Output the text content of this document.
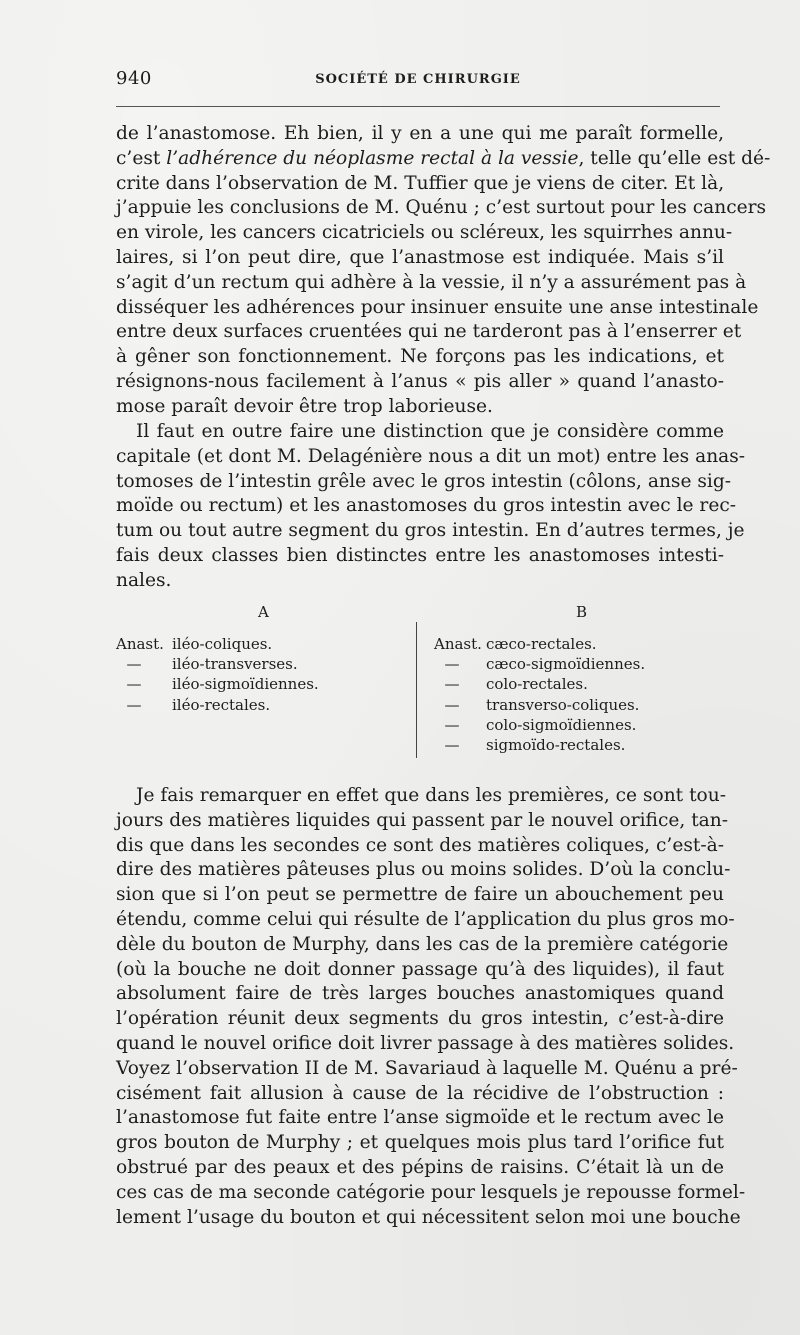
940	SOCIÉTÉ DE CHIRURGIE
de l’anastomose. Eh bien, il y en a une qui me paraît formelle,
c’est l’adhérence du néoplasme rectal à la vessie, telle qu’elle est dé-
crite dans l’observation de M. Tuffier que je viens de citer. Et là,
j’appuie les conclusions de M. Quénu ; c’est surtout pour les cancers
en virole, les cancers cicatriciels ou scléreux, les squirrhes annu-
laires, si l’on peut dire, que l’anastmose est indiquée. Mais s’il
s’agit d’un rectum qui adhère à la vessie, il n’y a assurément pas à
disséquer les adhérences pour insinuer ensuite une anse intestinale
entre deux surfaces cruentées qui ne tarderont pas à l’enserrer et
à gêner son fonctionnement. Ne forçons pas les indications, et
résignons-nous facilement à l’anus « pis aller » quand l’anasto-
mose paraît devoir être trop laborieuse.
Il faut en outre faire une distinction que je considère comme
capitale (et dont M. Delagénière nous a dit un mot) entre les anas-
tomoses de l’intestin grêle avec le gros intestin (côlons, anse sig-
moïde ou rectum) et les anastomoses du gros intestin avec le rec-
tum ou tout autre segment du gros intestin. En d’autres termes, je
fais deux classes bien distinctes entre les anastomoses intesti-
nales.
A	B
Anast. iléo-coliques.
— iléo-transverses.
— iléo-sigmoïdiennes.
— iléo-rectales.
Anast. cæco-rectales.
— cæco-sigmoïdiennes.
— colo-rectales.
— transverso-coliques.
— colo-sigmoïdiennes.
— sigmoïdo-rectales.
Je fais remarquer en effet que dans les premières, ce sont tou-
jours des matières liquides qui passent par le nouvel orifice, tan-
dis que dans les secondes ce sont des matières coliques, c’est-à-
dire des matières pâteuses plus ou moins solides. D’où la conclu-
sion que si l’on peut se permettre de faire un abouchement peu
étendu, comme celui qui résulte de l’application du plus gros mo-
dèle du bouton de Murphy, dans les cas de la première catégorie
(où la bouche ne doit donner passage qu’à des liquides), il faut
absolument faire de très larges bouches anastomiques quand
l’opération réunit deux segments du gros intestin, c’est-à-dire
quand le nouvel orifice doit livrer passage à des matières solides.
Voyez l’observation II de M. Savariaud à laquelle M. Quénu a pré-
cisément fait allusion à cause de la récidive de l’obstruction :
l’anastomose fut faite entre l’anse sigmoïde et le rectum avec le
gros bouton de Murphy ; et quelques mois plus tard l’orifice fut
obstrué par des peaux et des pépins de raisins. C’était là un de
ces cas de ma seconde catégorie pour lesquels je repousse formel-
lement l’usage du bouton et qui nécessitent selon moi une bouche
